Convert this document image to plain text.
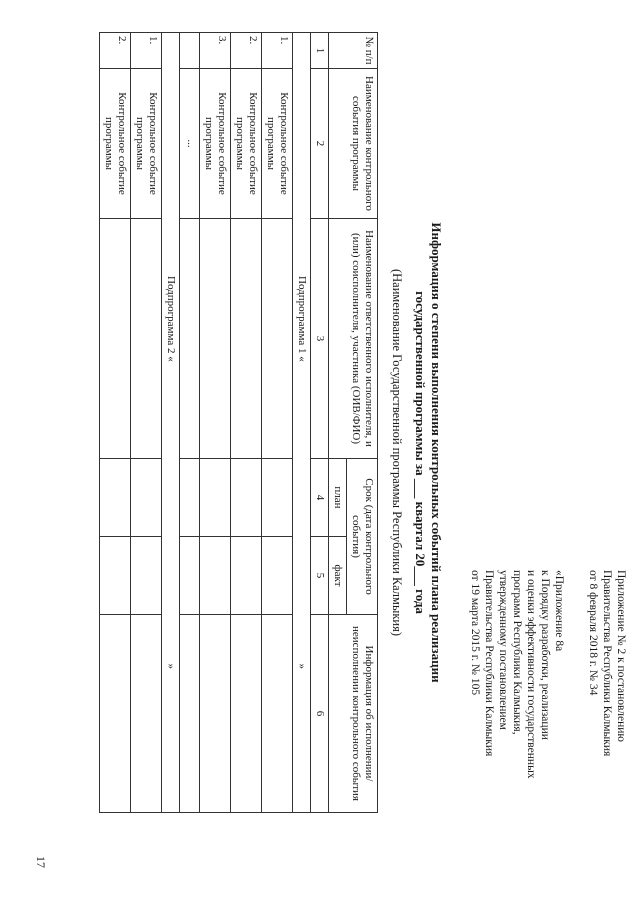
Приложение № 2 к постановлению
Правительства Республики Калмыкия
от 8 февраля 2018 г. № 34
«Приложение 8а
к Порядку разработки, реализации
и оценки эффективности государственных
программ Республики Калмыкия,
утвержденному постановлением
Правительства Республики Калмыкия
от 19 марта 2015 г. № 105
Информация о степени выполнения контрольных событий плана реализации
государственной программы за ___ квартал 20___ года
(Наименование Государственной программы Республики Калмыкия)
№ п/п	Наименование контрольного события программы	Наименование ответственного исполнителя, и (или) соисполнителя, участника (ОИВ/ФИО)	Срок (дата контрольного события)		Информация об исполнении/неисполнении контрольного события
			план	факт	
1	2	3	4	5	6
Подпрограмма 1 «
»					

1.	Контрольное событие программы				
2.	Контрольное событие программы				
3.	Контрольное событие программы				
	...				
Подпрограмма 2 «
»					

1.	Контрольное событие программы				
2.	Контрольное событие программы				
17
